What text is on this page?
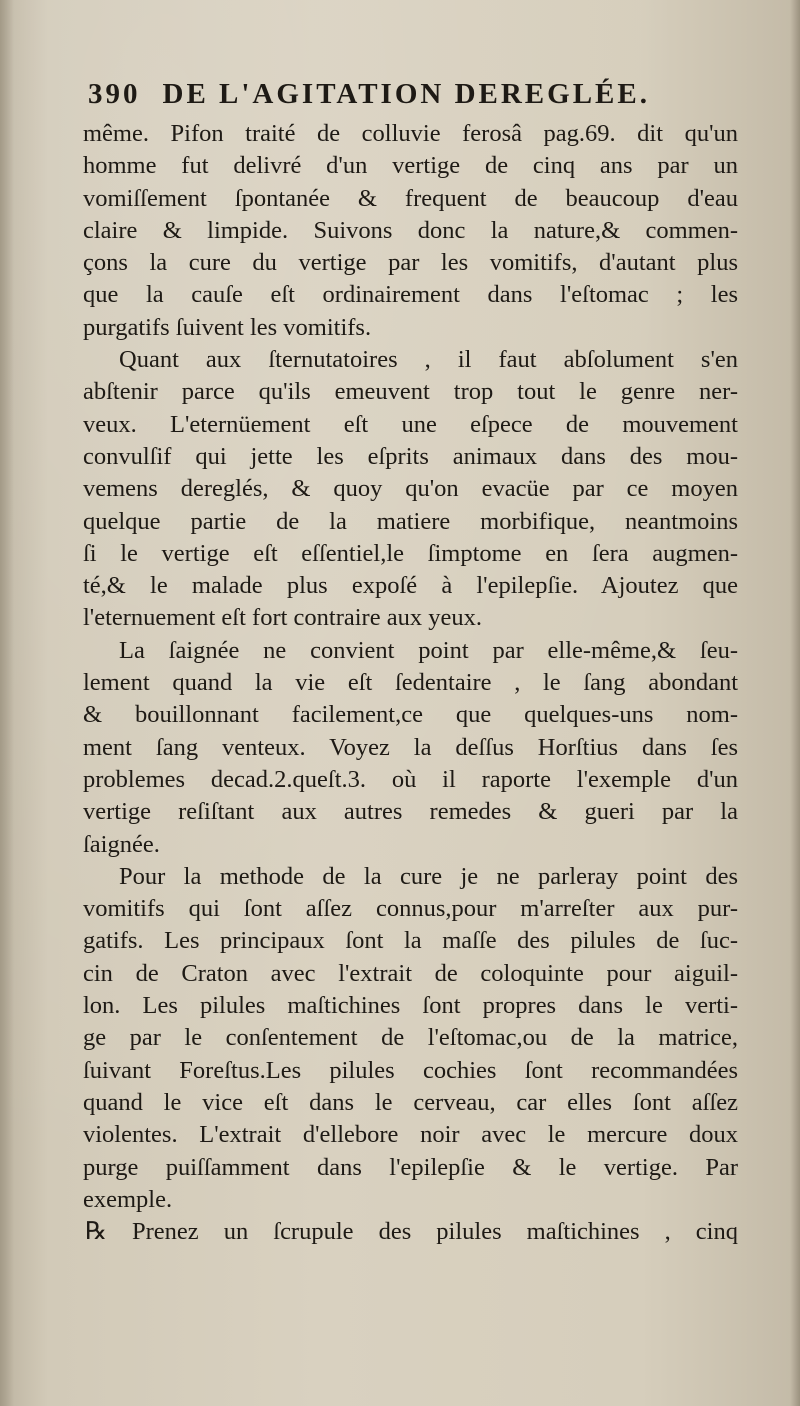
390 DE L'AGITATION DEREGLÉE.
même. Pifon traité de colluvie ferosâ pag.69. dit qu'un
homme fut delivré d'un vertige de cinq ans par un
vomiſſement ſpontanée & frequent de beaucoup d'eau
claire & limpide. Suivons donc la nature,& commen-
çons la cure du vertige par les vomitifs, d'autant plus
que la cauſe eſt ordinairement dans l'eſtomac ; les
purgatifs ſuivent les vomitifs.
Quant aux ſternutatoires , il faut abſolument s'en
abſtenir parce qu'ils emeuvent trop tout le genre ner-
veux. L'eternüement eſt une eſpece de mouvement
convulſif qui jette les eſprits animaux dans des mou-
vemens dereglés, & quoy qu'on evacüe par ce moyen
quelque partie de la matiere morbifique, neantmoins
ſi le vertige eſt eſſentiel,le ſimptome en ſera augmen-
té,& le malade plus expoſé à l'epilepſie. Ajoutez que
l'eternuement eſt fort contraire aux yeux.
La ſaignée ne convient point par elle-même,& ſeu-
lement quand la vie eſt ſedentaire , le ſang abondant
& bouillonnant facilement,ce que quelques-uns nom-
ment ſang venteux. Voyez la deſſus Horſtius dans ſes
problemes decad.2.queſt.3. où il raporte l'exemple d'un
vertige reſiſtant aux autres remedes & gueri par la
ſaignée.
Pour la methode de la cure je ne parleray point des
vomitifs qui ſont aſſez connus,pour m'arreſter aux pur-
gatifs. Les principaux ſont la maſſe des pilules de ſuc-
cin de Craton avec l'extrait de coloquinte pour aiguil-
lon. Les pilules maſtichines ſont propres dans le verti-
ge par le conſentement de l'eſtomac,ou de la matrice,
ſuivant Foreſtus.Les pilules cochies ſont recommandées
quand le vice eſt dans le cerveau, car elles ſont aſſez
violentes. L'extrait d'ellebore noir avec le mercure doux
purge puiſſamment dans l'epilepſie & le vertige. Par
exemple.
℞ Prenez un ſcrupule des pilules maſtichines , cinq
